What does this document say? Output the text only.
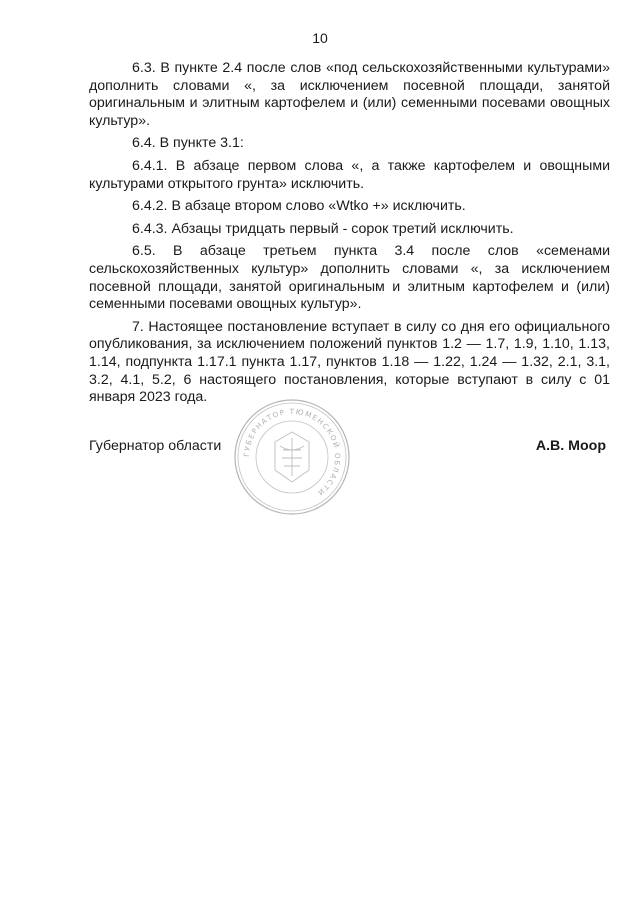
10

6.3. В пункте 2.4 после слов «под сельскохозяйственными культурами» дополнить словами «, за исключением посевной площади, занятой оригинальным и элитным картофелем и (или) семенными посевами овощных культур».

6.4. В пункте 3.1:

6.4.1. В абзаце первом слова «, а также картофелем и овощными культурами открытого грунта» исключить.

6.4.2. В абзаце втором слово «Wtko +» исключить.

6.4.3. Абзацы тридцать первый - сорок третий исключить.

6.5. В абзаце третьем пункта 3.4 после слов «семенами сельскохозяйственных культур» дополнить словами «, за исключением посевной площади, занятой оригинальным и элитным картофелем и (или) семенными посевами овощных культур».

7. Настоящее постановление вступает в силу со дня его официального опубликования, за исключением положений пунктов 1.2 — 1.7, 1.9, 1.10, 1.13, 1.14, подпункта 1.17.1 пункта 1.17, пунктов 1.18 — 1.22, 1.24 — 1.32, 2.1, 3.1, 3.2, 4.1, 5.2, 6 настоящего постановления, которые вступают в силу с 01 января 2023 года.

Губернатор области	А.В. Моор
ГУБЕРНАТОР ТЮМЕНСКОЙ ОБЛАСТИ
